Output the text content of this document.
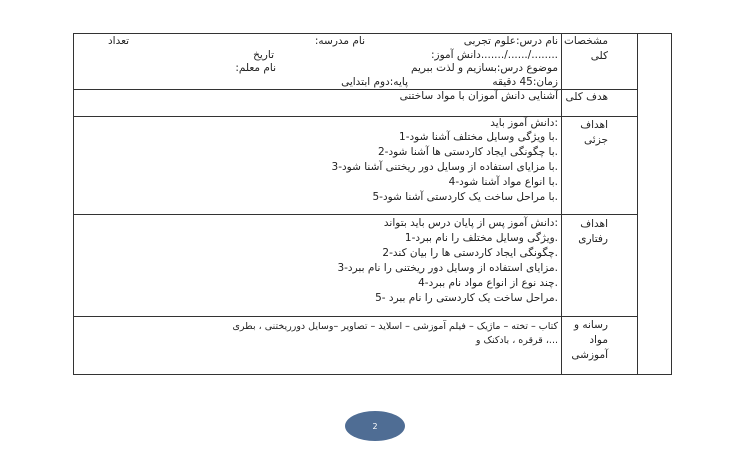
مشخصات کلی
نام درس:علوم تجربی
نام مدرسه:
تعداد
......../....../.......دانش آموز:
تاریخ
موضوع درس:بسازیم و لذت ببریم
نام معلم:
زمان:45 دقیقه
پایه:دوم ابتدایی
هدف کلی
آشنایی دانش آموزان با مواد ساختنی
اهداف جزئی
:دانش آموز باید
.با ویژگی وسایل مختلف آشنا شود-1
.با چگونگی ایجاد کاردستی ها آشنا شود-2
.با مزایای استفاده از وسایل دور ریختنی آشنا شود-3
.با انواع مواد آشنا شود-4
.با مراحل ساخت یک کاردستی آشنا شود-5
اهداف رفتاری
:دانش آموز پس از پایان درس باید بتواند
.ویژگی وسایل مختلف را نام ببرد-1
.چگونگی ایجاد کاردستی ها را بیان کند-2
.مزایای استفاده از وسایل دور ریختنی را نام ببرد-3
.چند نوع از انواع مواد نام ببرد-4
.مراحل ساخت یک کاردستی را نام ببرد -5
رسانه و مواد آموزشی
کتاب – تخته – ماژیک – فیلم آموزشی – اسلاید – تصاویر –وسایل دورریختنی ، بطری
...، قرقره ، بادکنک و
2
